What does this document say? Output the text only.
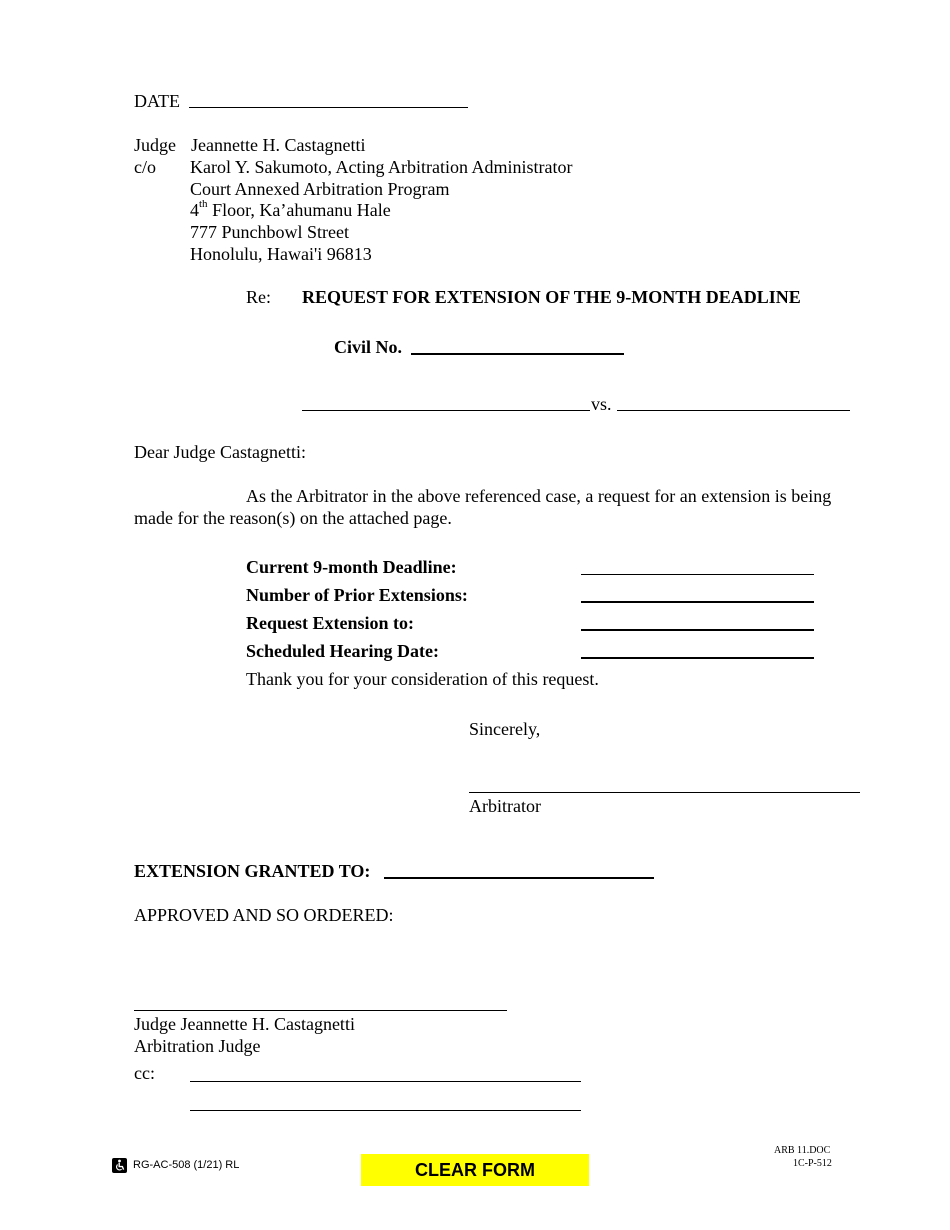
DATE
Judge Jeannette H. Castagnetti
c/o Karol Y. Sakumoto, Acting Arbitration Administrator
Court Annexed Arbitration Program
4th Floor, Ka’ahumanu Hale
777 Punchbowl Street
Honolulu, Hawai'i 96813
Re: REQUEST FOR EXTENSION OF THE 9-MONTH DEADLINE
Civil No.
vs.
Dear Judge Castagnetti:
As the Arbitrator in the above referenced case, a request for an extension is being
made for the reason(s) on the attached page.
Current 9-month Deadline:
Number of Prior Extensions:
Request Extension to:
Scheduled Hearing Date:
Thank you for your consideration of this request.
Sincerely,
Arbitrator
EXTENSION GRANTED TO:
APPROVED AND SO ORDERED:
Judge Jeannette H. Castagnetti
Arbitration Judge
cc:
RG-AC-508 (1/21) RL	CLEAR FORM
ARB 11.DOC
1C-P-512
